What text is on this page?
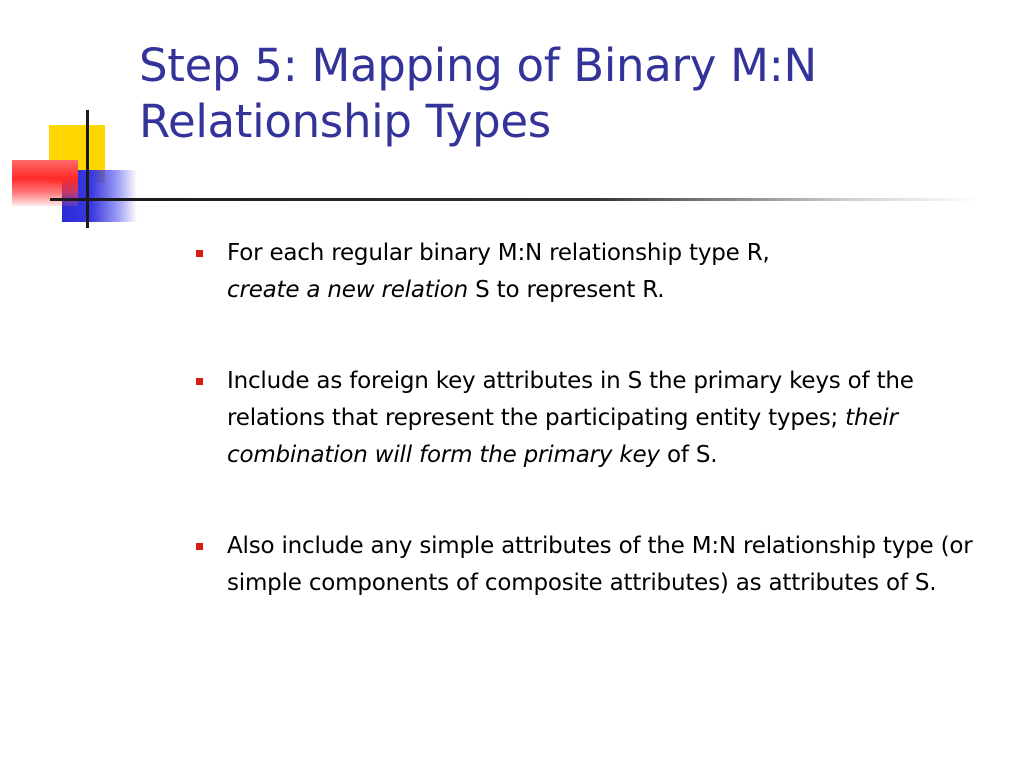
Step 5: Mapping of Binary M:N
Relationship Types
For each regular binary M:N relationship type R,
create a new relation S to represent R.
Include as foreign key attributes in S the primary keys of the relations that represent the participating entity types; their combination will form the primary key of S.
Also include any simple attributes of the M:N relationship type (or simple components of composite attributes) as attributes of S.
